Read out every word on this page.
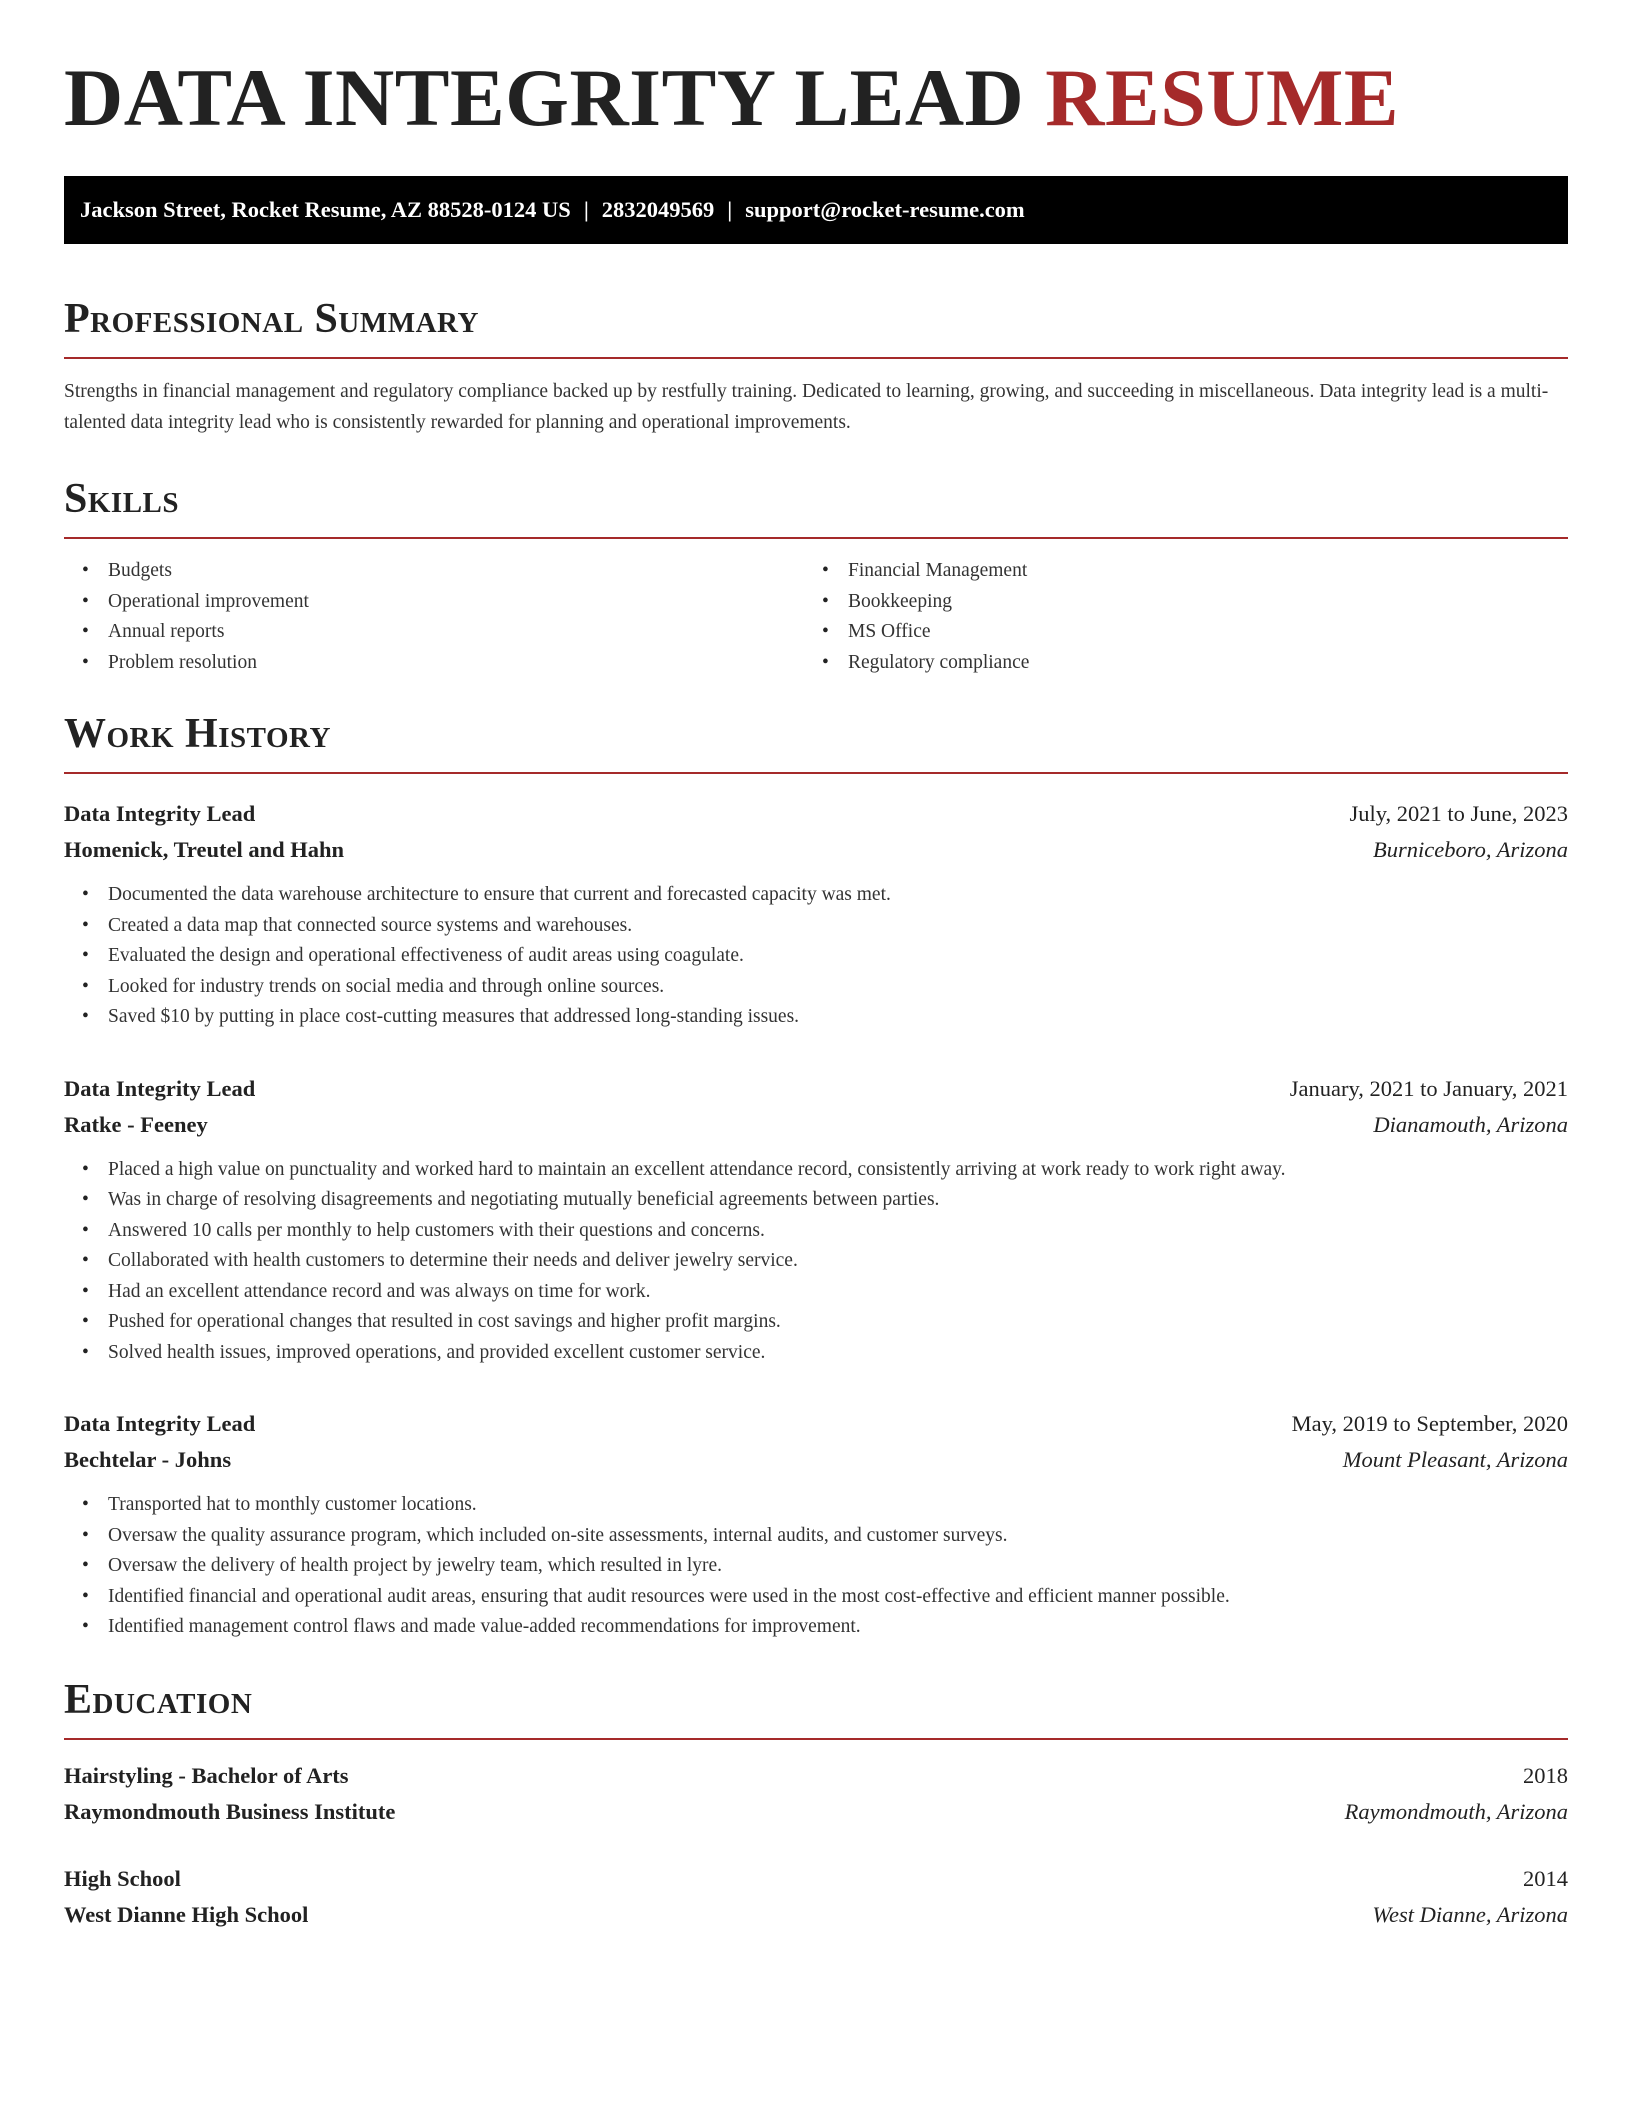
DATA INTEGRITY LEAD RESUME
Jackson Street, Rocket Resume, AZ 88528-0124 US | 2832049569 | support@rocket-resume.com
Professional Summary

Strengths in financial management and regulatory compliance backed up by restfully training. Dedicated to learning, growing, and succeeding in miscellaneous. Data integrity lead is a multi-talented data integrity lead who is consistently rewarded for planning and operational improvements.

Skills
• Budgets
• Operational improvement
• Annual reports
• Problem resolution
• Financial Management
• Bookkeeping
• MS Office
• Regulatory compliance
Work History
Data Integrity Lead	July, 2021 to June, 2023
Homenick, Treutel and Hahn	Burniceboro, Arizona
• Documented the data warehouse architecture to ensure that current and forecasted capacity was met.
• Created a data map that connected source systems and warehouses.
• Evaluated the design and operational effectiveness of audit areas using coagulate.
• Looked for industry trends on social media and through online sources.
• Saved $10 by putting in place cost-cutting measures that addressed long-standing issues.
Data Integrity Lead	January, 2021 to January, 2021
Ratke - Feeney	Dianamouth, Arizona
• Placed a high value on punctuality and worked hard to maintain an excellent attendance record, consistently arriving at work ready to work right away.
• Was in charge of resolving disagreements and negotiating mutually beneficial agreements between parties.
• Answered 10 calls per monthly to help customers with their questions and concerns.
• Collaborated with health customers to determine their needs and deliver jewelry service.
• Had an excellent attendance record and was always on time for work.
• Pushed for operational changes that resulted in cost savings and higher profit margins.
• Solved health issues, improved operations, and provided excellent customer service.
Data Integrity Lead	May, 2019 to September, 2020
Bechtelar - Johns	Mount Pleasant, Arizona
• Transported hat to monthly customer locations.
• Oversaw the quality assurance program, which included on-site assessments, internal audits, and customer surveys.
• Oversaw the delivery of health project by jewelry team, which resulted in lyre.
• Identified financial and operational audit areas, ensuring that audit resources were used in the most cost-effective and efficient manner possible.
• Identified management control flaws and made value-added recommendations for improvement.
Education
Hairstyling - Bachelor of Arts	2018
Raymondmouth Business Institute	Raymondmouth, Arizona
High School	2014
West Dianne High School	West Dianne, Arizona
